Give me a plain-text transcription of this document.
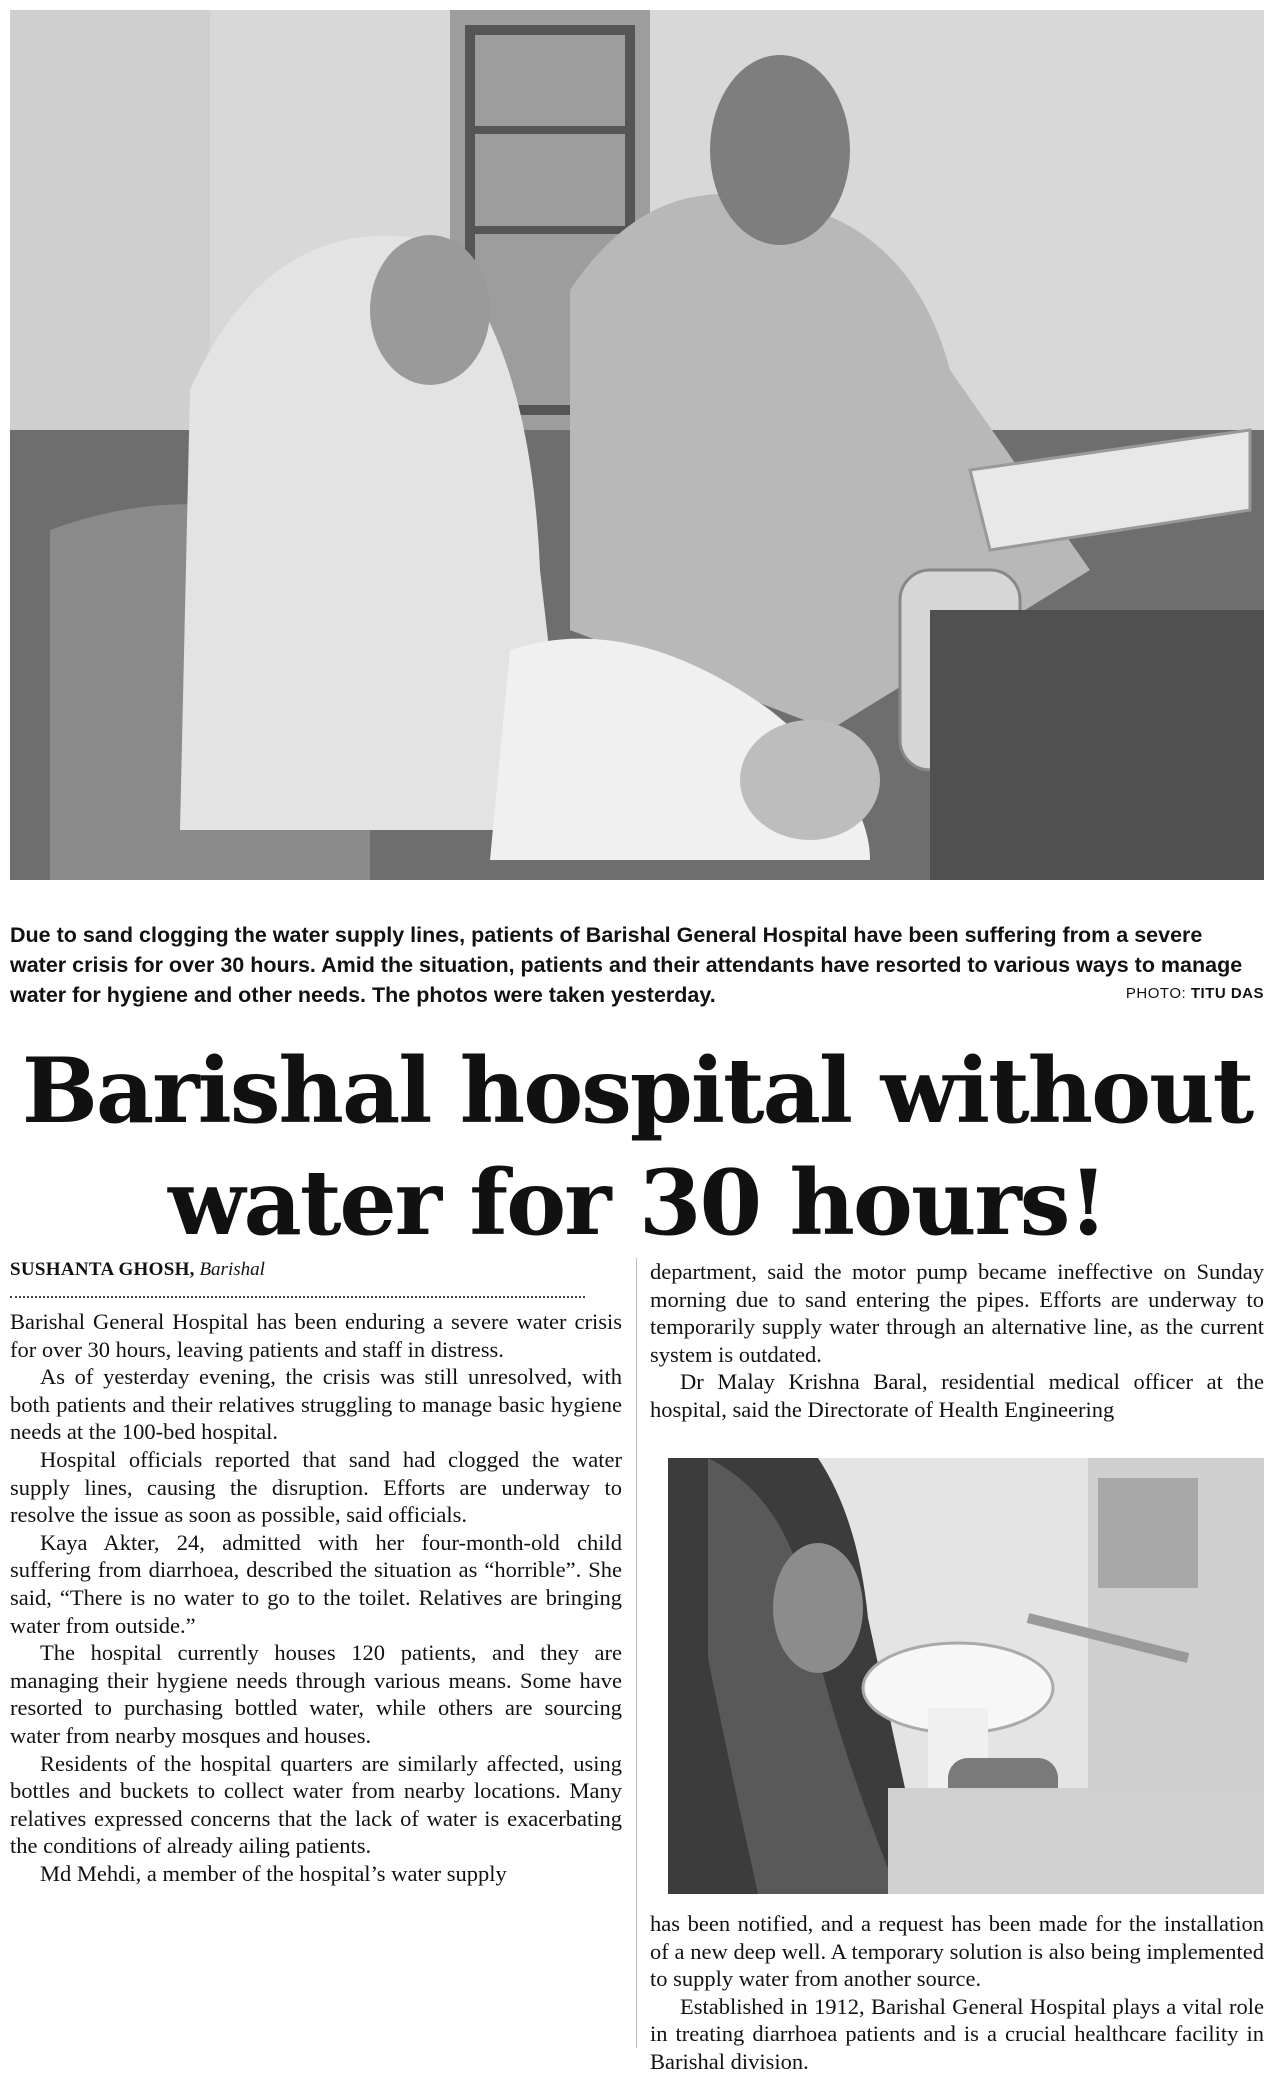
Due to sand clogging the water supply lines, patients of Barishal General Hospital have been suffering from a severe water crisis for over 30 hours. Amid the situation, patients and their attendants have resorted to various ways to manage water for hygiene and other needs. The photos were taken yesterday.	PHOTO: TITU DAS
Barishal hospital without
water for 30 hours!
SUSHANTA GHOSH, Barishal

Barishal General Hospital has been enduring a severe water crisis for over 30 hours, leaving patients and staff in distress.

As of yesterday evening, the crisis was still unresolved, with both patients and their relatives struggling to manage basic hygiene needs at the 100-bed hospital.

Hospital officials reported that sand had clogged the water supply lines, causing the disruption. Efforts are underway to resolve the issue as soon as possible, said officials.

Kaya Akter, 24, admitted with her four-month-old child suffering from diarrhoea, described the situation as “horrible”. She said, “There is no water to go to the toilet. Relatives are bringing water from outside.”

The hospital currently houses 120 patients, and they are managing their hygiene needs through various means. Some have resorted to purchasing bottled water, while others are sourcing water from nearby mosques and houses.

Residents of the hospital quarters are similarly affected, using bottles and buckets to collect water from nearby locations. Many relatives expressed concerns that the lack of water is exacerbating the conditions of already ailing patients.

Md Mehdi, a member of the hospital’s water supply

department, said the motor pump became ineffective on Sunday morning due to sand entering the pipes. Efforts are underway to temporarily supply water through an alternative line, as the current system is outdated.

Dr Malay Krishna Baral, residential medical officer at the hospital, said the Directorate of Health Engineering

has been notified, and a request has been made for the installation of a new deep well. A temporary solution is also being implemented to supply water from another source.

Established in 1912, Barishal General Hospital plays a vital role in treating diarrhoea patients and is a crucial healthcare facility in Barishal division.
